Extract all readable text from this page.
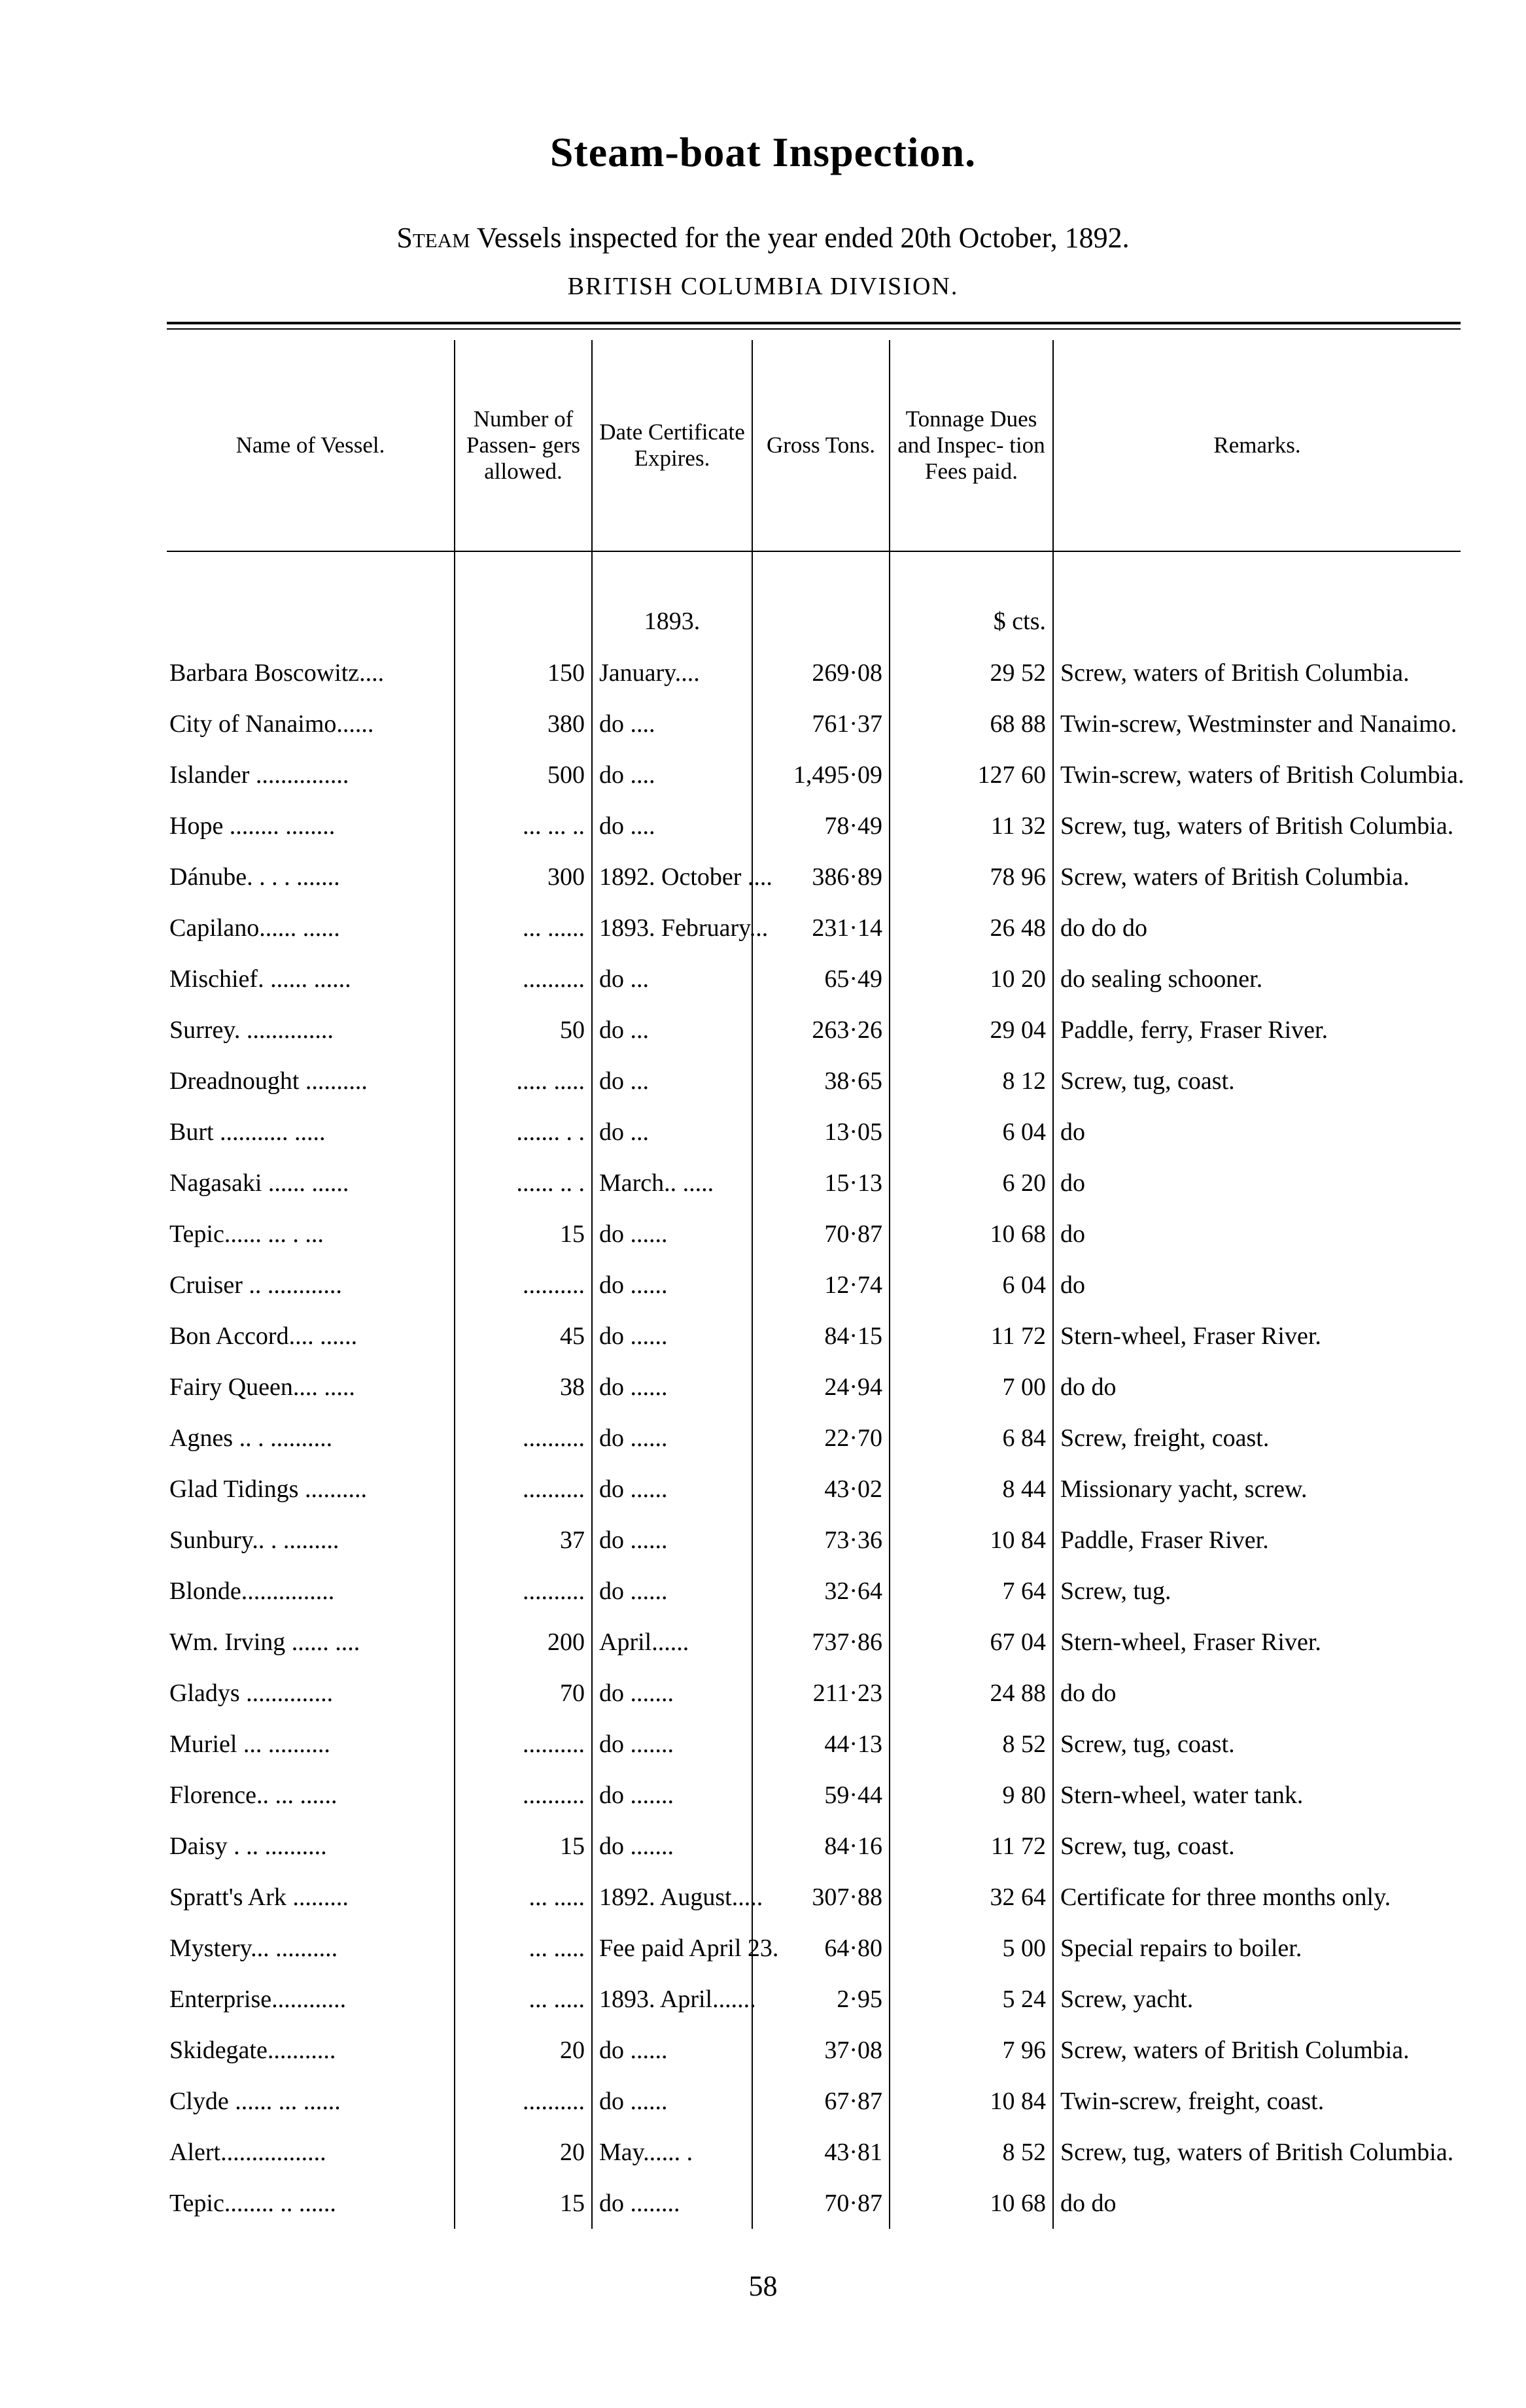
Steam-boat Inspection.
Steam Vessels inspected for the year ended 20th October, 1892.
BRITISH COLUMBIA DIVISION.
Name of Vessel.	Number of Passen- gers allowed.	Date Certificate Expires.	Gross Tons.	Tonnage Dues and Inspec- tion Fees paid.	Remarks.
		1893.		$ cts.	
Barbara Boscowitz....	150	January....	269·08	29 52	Screw, waters of British Columbia.
City of Nanaimo......	380	do ....	761·37	68 88	Twin-screw, Westminster and Nanaimo.
Islander ...............	500	do ....	1,495·09	127 60	Twin-screw, waters of British Columbia.
Hope ........ ........	... ... ..	do ....	78·49	11 32	Screw, tug, waters of British Columbia.
Dánube. . . . .......	300	1892. October ....	386·89	78 96	Screw, waters of British Columbia.
Capilano...... ......	... ......	1893. February...	231·14	26 48	do do do
Mischief. ...... ......	..........	do ...	65·49	10 20	do sealing schooner.
Surrey. ..............	50	do ...	263·26	29 04	Paddle, ferry, Fraser River.
Dreadnought ..........	..... .....	do ...	38·65	8 12	Screw, tug, coast.
Burt ........... .....	....... . .	do ...	13·05	6 04	do
Nagasaki ...... ......	...... .. .	March.. .....	15·13	6 20	do
Tepic...... ... . ...	15	do ......	70·87	10 68	do
Cruiser .. ............	..........	do ......	12·74	6 04	do
Bon Accord.... ......	45	do ......	84·15	11 72	Stern-wheel, Fraser River.
Fairy Queen.... .....	38	do ......	24·94	7 00	do do
Agnes .. . ..........	..........	do ......	22·70	6 84	Screw, freight, coast.
Glad Tidings ..........	..........	do ......	43·02	8 44	Missionary yacht, screw.
Sunbury.. . .........	37	do ......	73·36	10 84	Paddle, Fraser River.
Blonde...............	..........	do ......	32·64	7 64	Screw, tug.
Wm. Irving ...... ....	200	April......	737·86	67 04	Stern-wheel, Fraser River.
Gladys ..............	70	do .......	211·23	24 88	do do
Muriel ... ..........	..........	do .......	44·13	8 52	Screw, tug, coast.
Florence.. ... ......	..........	do .......	59·44	9 80	Stern-wheel, water tank.
Daisy . .. ..........	15	do .......	84·16	11 72	Screw, tug, coast.
Spratt's Ark .........	... .....	1892. August.....	307·88	32 64	Certificate for three months only.
Mystery... ..........	... .....	Fee paid April 23.	64·80	5 00	Special repairs to boiler.
Enterprise............	... .....	1893. April.......	2·95	5 24	Screw, yacht.
Skidegate...........	20	do ......	37·08	7 96	Screw, waters of British Columbia.
Clyde ...... ... ......	..........	do ......	67·87	10 84	Twin-screw, freight, coast.
Alert.................	20	May...... .	43·81	8 52	Screw, tug, waters of British Columbia.
Tepic........ .. ......	15	do ........	70·87	10 68	do do
58
